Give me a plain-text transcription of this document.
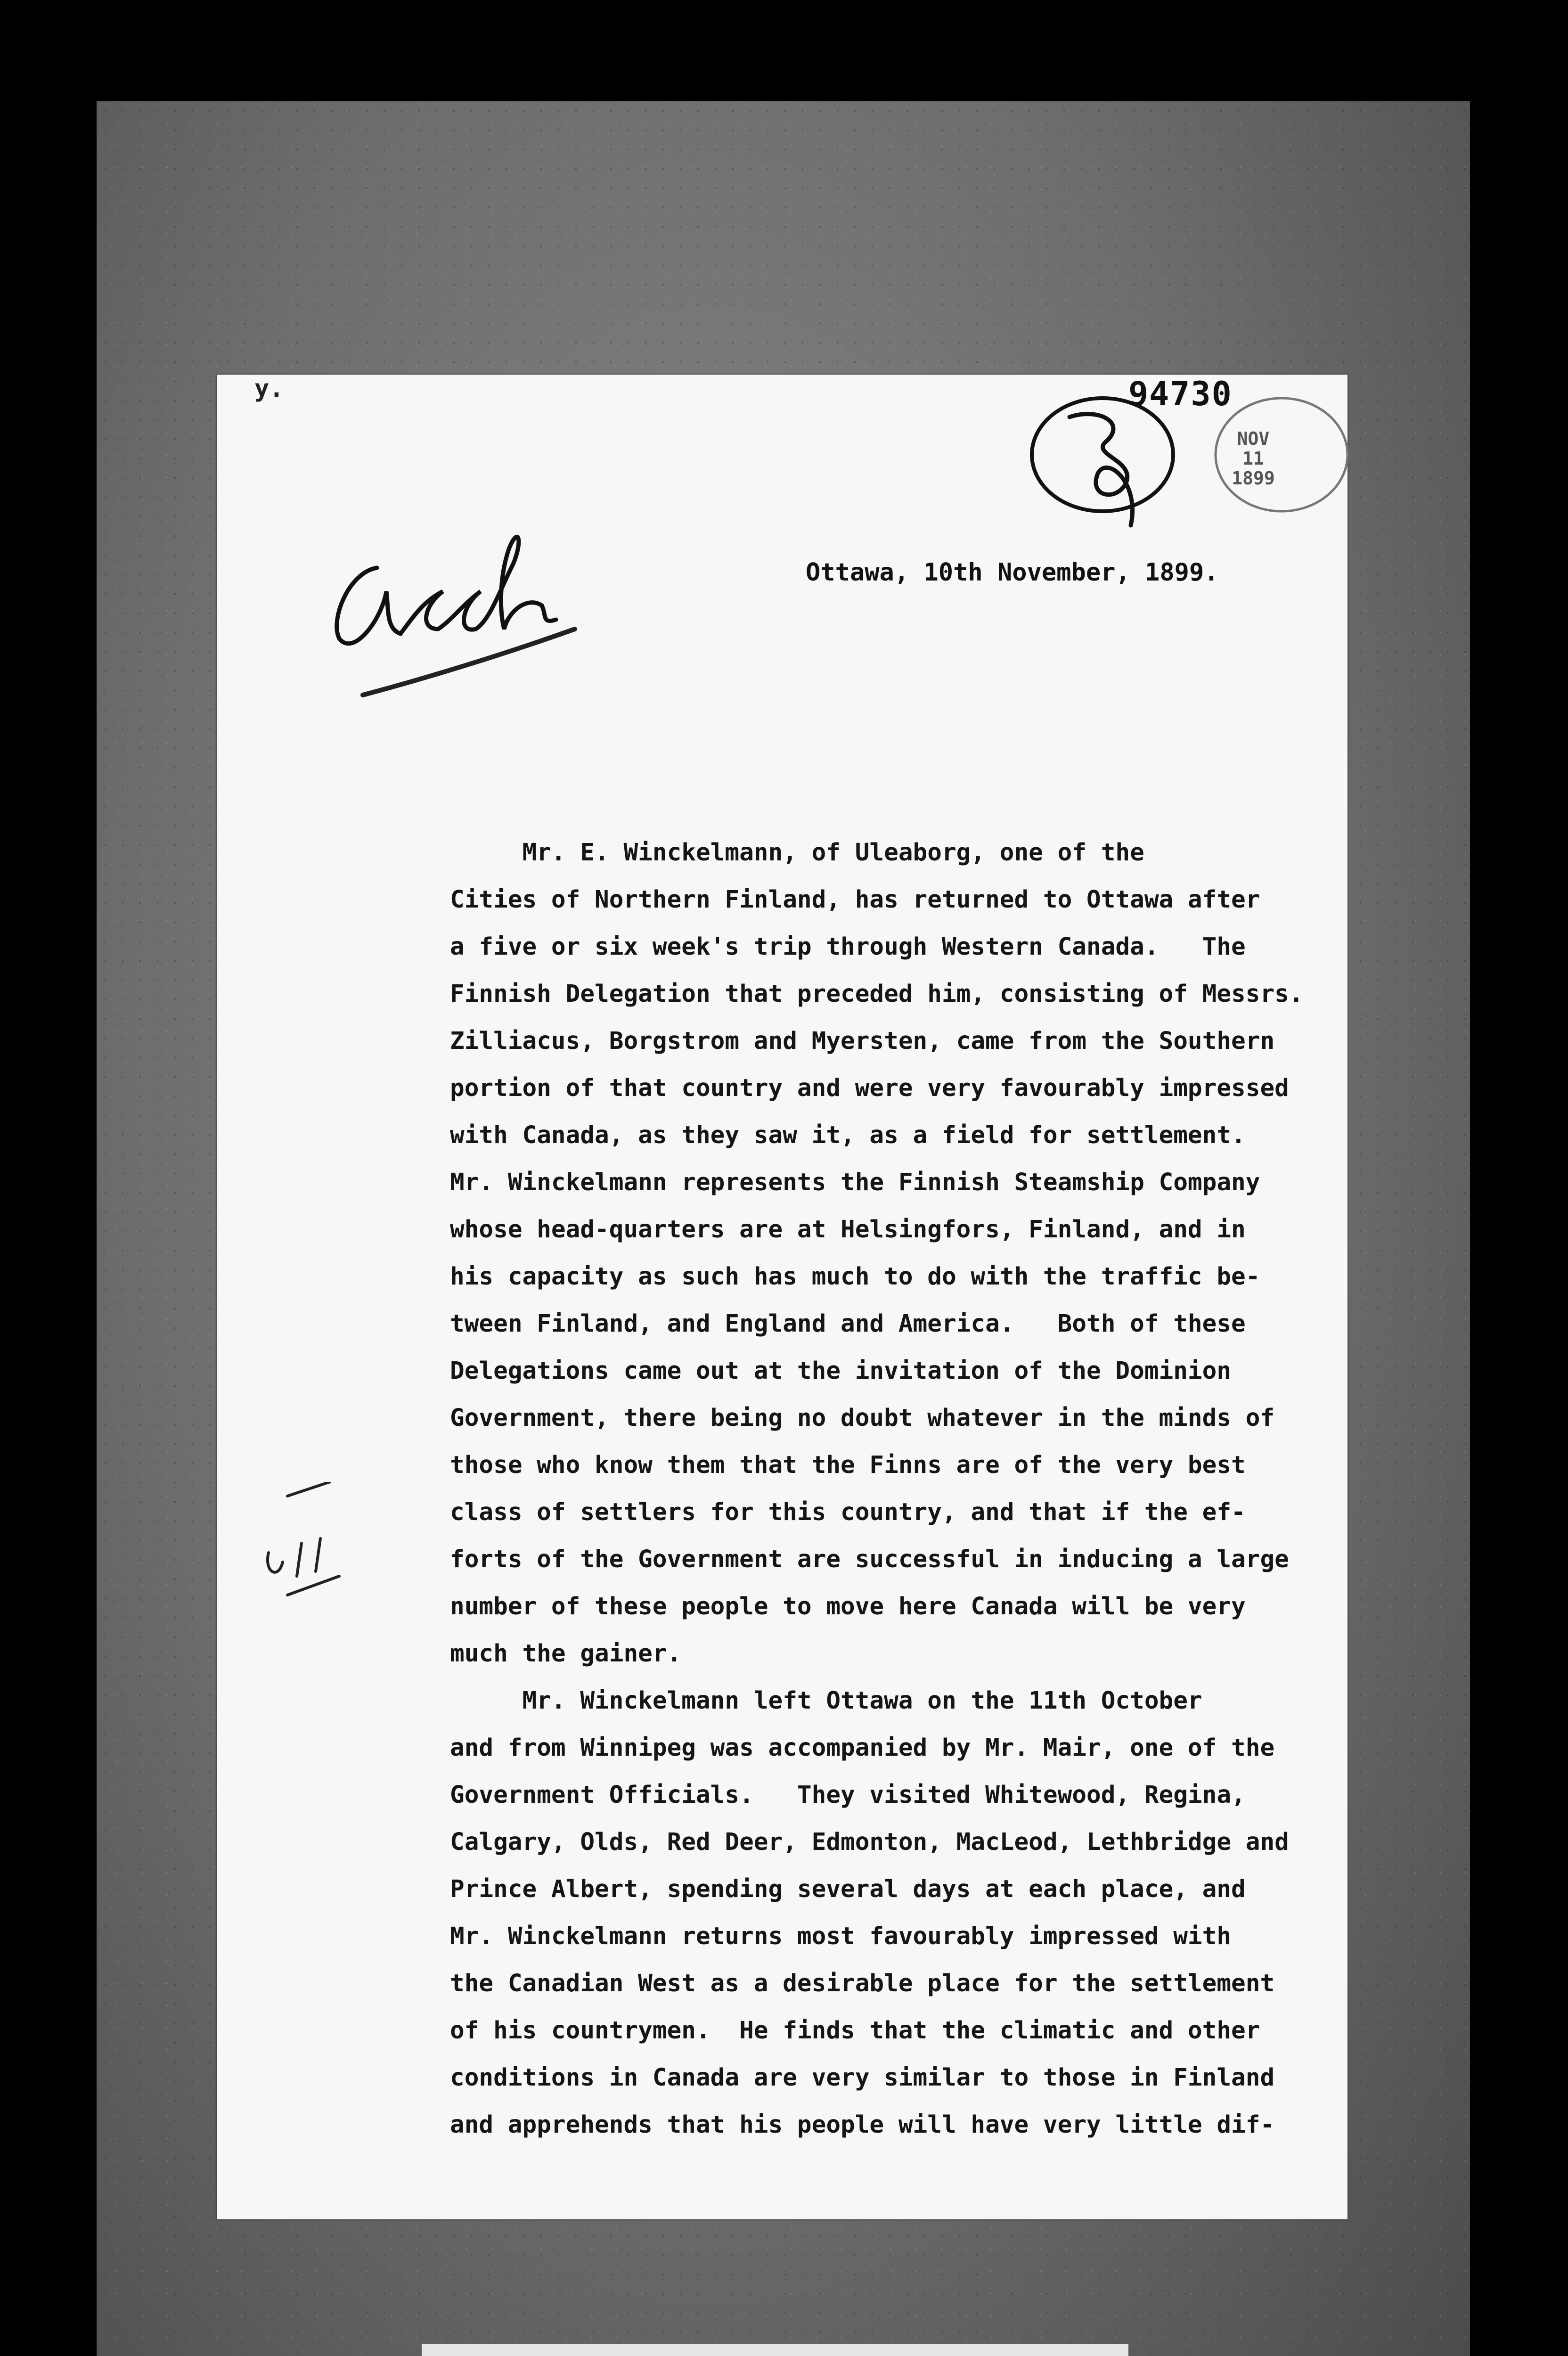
y.	94730
NOV
11
1899
Ottawa, 10th November, 1899.
Mr. E. Winckelmann, of Uleaborg, one of the
Cities of Northern Finland, has returned to Ottawa after
a five or six week's trip through Western Canada.   The
Finnish Delegation that preceded him, consisting of Messrs.
Zilliacus, Borgstrom and Myersten, came from the Southern
portion of that country and were very favourably impressed
with Canada, as they saw it, as a field for settlement.
Mr. Winckelmann represents the Finnish Steamship Company
whose head-quarters are at Helsingfors, Finland, and in
his capacity as such has much to do with the traffic be-
tween Finland, and England and America.   Both of these
Delegations came out at the invitation of the Dominion
Government, there being no doubt whatever in the minds of
those who know them that the Finns are of the very best
class of settlers for this country, and that if the ef-
forts of the Government are successful in inducing a large
number of these people to move here Canada will be very
much the gainer.
Mr. Winckelmann left Ottawa on the 11th October
and from Winnipeg was accompanied by Mr. Mair, one of the
Government Officials.   They visited Whitewood, Regina,
Calgary, Olds, Red Deer, Edmonton, MacLeod, Lethbridge and
Prince Albert, spending several days at each place, and
Mr. Winckelmann returns most favourably impressed with
the Canadian West as a desirable place for the settlement
of his countrymen.  He finds that the climatic and other
conditions in Canada are very similar to those in Finland
and apprehends that his people will have very little dif-
